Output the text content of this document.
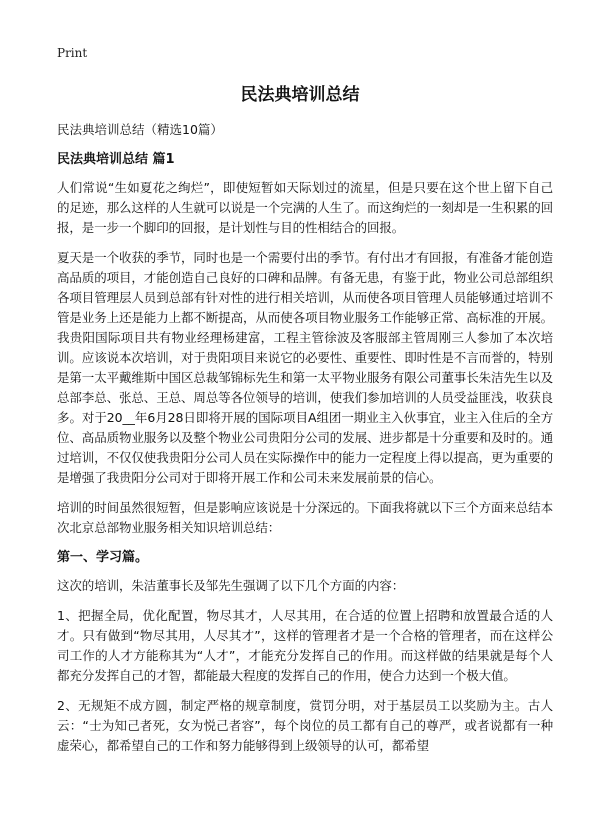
Print
民法典培训总结

民法典培训总结（精选10篇）

民法典培训总结 篇1

人们常说“生如夏花之绚烂”，即使短暂如天际划过的流星，但是只要在这个世上留下自己的足迹，那么这样的人生就可以说是一个完满的人生了。而这绚烂的一刻却是一生积累的回报，是一步一个脚印的回报，是计划性与目的性相结合的回报。

夏天是一个收获的季节，同时也是一个需要付出的季节。有付出才有回报，有准备才能创造高品质的项目，才能创造自己良好的口碑和品牌。有备无患，有鉴于此，物业公司总部组织各项目管理层人员到总部有针对性的进行相关培训，从而使各项目管理人员能够通过培训不管是业务上还是能力上都不断提高，从而使各项目物业服务工作能够正常、高标准的开展。我贵阳国际项目共有物业经理杨建富，工程主管徐波及客服部主管周刚三人参加了本次培训。应该说本次培训，对于贵阳项目来说它的必要性、重要性、即时性是不言而誉的，特别是第一太平戴维斯中国区总裁邹锦标先生和第一太平物业服务有限公司董事长朱洁先生以及总部李总、张总、王总、周总等各位领导的培训，使我们参加培训的人员受益匪浅，收获良多。对于20__年6月28日即将开展的国际项目A组团一期业主入伙事宜，业主入住后的全方位、高品质物业服务以及整个物业公司贵阳分公司的发展、进步都是十分重要和及时的。通过培训，不仅仅使我贵阳分公司人员在实际操作中的能力一定程度上得以提高，更为重要的是增强了我贵阳分公司对于即将开展工作和公司未来发展前景的信心。

培训的时间虽然很短暂，但是影响应该说是十分深远的。下面我将就以下三个方面来总结本次北京总部物业服务相关知识培训总结：

第一、学习篇。

这次的培训，朱洁董事长及邹先生强调了以下几个方面的内容：

1、把握全局，优化配置，物尽其才，人尽其用，在合适的位置上招聘和放置最合适的人才。只有做到“物尽其用，人尽其才”，这样的管理者才是一个合格的管理者，而在这样公司工作的人才方能称其为“人才”，才能充分发挥自己的作用。而这样做的结果就是每个人都充分发挥自己的才智，都能最大程度的发挥自己的作用，使合力达到一个极大值。

2、无规矩不成方圆，制定严格的规章制度，赏罚分明，对于基层员工以奖励为主。古人云：“士为知己者死，女为悦己者容”，每个岗位的员工都有自己的尊严，或者说都有一种虚荣心，都希望自己的工作和努力能够得到上级领导的认可，都希望
